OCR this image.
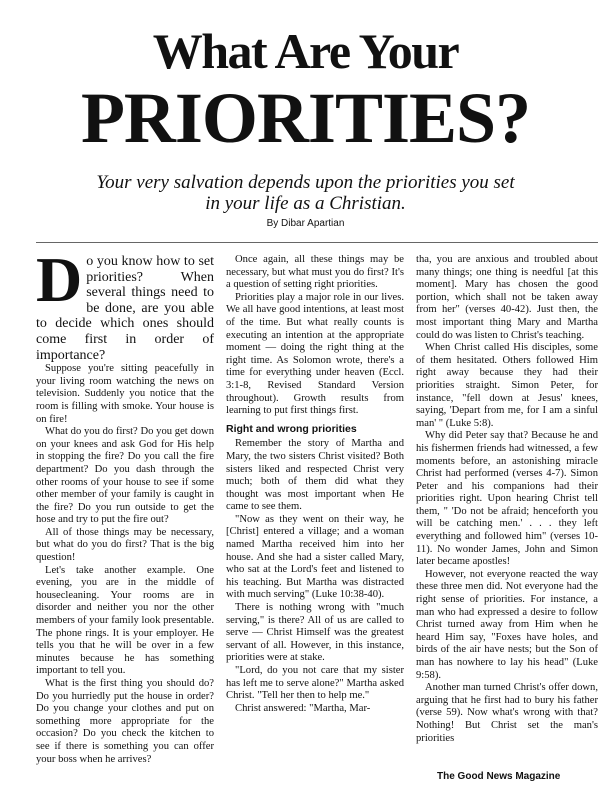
What Are Your
PRIORITIES?
Your very salvation depends upon the priorities you set in your life as a Christian.
By Dibar Apartian

Do you know how to set priorities? When several things need to be done, are you able to decide which ones should come first in order of importance?

Suppose you're sitting peacefully in your living room watching the news on television. Suddenly you notice that the room is filling with smoke. Your house is on fire!

What do you do first? Do you get down on your knees and ask God for His help in stopping the fire? Do you call the fire department? Do you dash through the other rooms of your house to see if some other member of your family is caught in the fire? Do you run outside to get the hose and try to put the fire out?

All of those things may be necessary, but what do you do first? That is the big question!

Let's take another example. One evening, you are in the middle of housecleaning. Your rooms are in disorder and neither you nor the other members of your family look presentable. The phone rings. It is your employer. He tells you that he will be over in a few minutes because he has something important to tell you.

What is the first thing you should do? Do you hurriedly put the house in order? Do you change your clothes and put on something more appropriate for the occasion? Do you check the kitchen to see if there is something you can offer your boss when he arrives?

Once again, all these things may be necessary, but what must you do first? It's a question of setting right priorities.

Priorities play a major role in our lives. We all have good intentions, at least most of the time. But what really counts is executing an intention at the appropriate moment — doing the right thing at the right time. As Solomon wrote, there's a time for everything under heaven (Eccl. 3:1-8, Revised Standard Version throughout). Growth results from learning to put first things first.

Right and wrong priorities

Remember the story of Martha and Mary, the two sisters Christ visited? Both sisters liked and respected Christ very much; both of them did what they thought was most important when He came to see them.

"Now as they went on their way, he [Christ] entered a village; and a woman named Martha received him into her house. And she had a sister called Mary, who sat at the Lord's feet and listened to his teaching. But Martha was distracted with much serving" (Luke 10:38-40).

There is nothing wrong with "much serving," is there? All of us are called to serve — Christ Himself was the greatest servant of all. However, in this instance, priorities were at stake.

"Lord, do you not care that my sister has left me to serve alone?" Martha asked Christ. "Tell her then to help me."

Christ answered: "Martha, Mar-

tha, you are anxious and troubled about many things; one thing is needful [at this moment]. Mary has chosen the good portion, which shall not be taken away from her" (verses 40-42). Just then, the most important thing Mary and Martha could do was listen to Christ's teaching.

When Christ called His disciples, some of them hesitated. Others followed Him right away because they had their priorities straight. Simon Peter, for instance, "fell down at Jesus' knees, saying, 'Depart from me, for I am a sinful man' " (Luke 5:8).

Why did Peter say that? Because he and his fishermen friends had witnessed, a few moments before, an astonishing miracle Christ had performed (verses 4-7). Simon Peter and his companions had their priorities right. Upon hearing Christ tell them, " 'Do not be afraid; henceforth you will be catching men.' . . . they left everything and followed him" (verses 10-11). No wonder James, John and Simon later became apostles!

However, not everyone reacted the way these three men did. Not everyone had the right sense of priorities. For instance, a man who had expressed a desire to follow Christ turned away from Him when he heard Him say, "Foxes have holes, and birds of the air have nests; but the Son of man has nowhere to lay his head" (Luke 9:58).

Another man turned Christ's offer down, arguing that he first had to bury his father (verse 59). Now what's wrong with that? Nothing! But Christ set the man's priorities

The Good News Magazine
